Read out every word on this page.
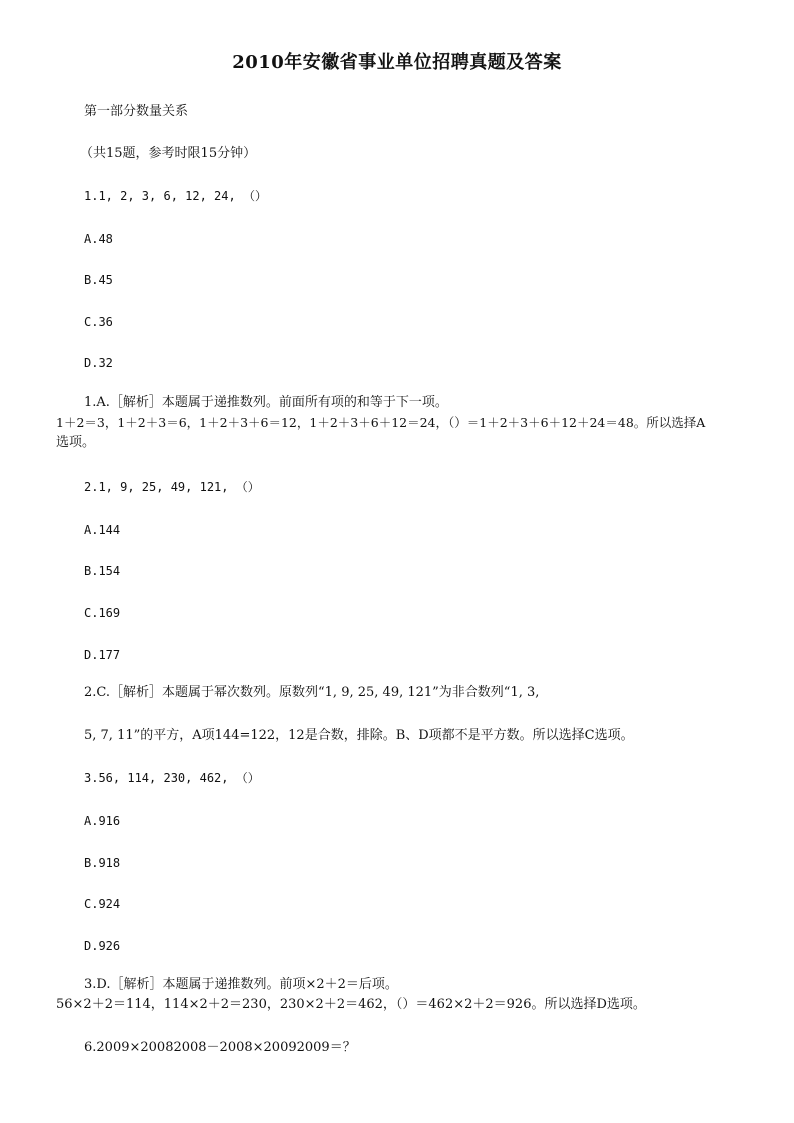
2010年安徽省事业单位招聘真题及答案
第一部分数量关系
（共15题，参考时限15分钟）
1.1, 2, 3, 6, 12, 24, （）
A.48
B.45
C.36
D.32
1.A.［解析］本题属于递推数列。前面所有项的和等于下一项。
1＋2＝3，1＋2＋3＝6，1＋2＋3＋6＝12，1＋2＋3＋6＋12＝24，（）＝1＋2＋3＋6＋12＋24＝48。所以选择A
选项。
2.1, 9, 25, 49, 121, （）
A.144
B.154
C.169
D.177
2.C.［解析］本题属于幂次数列。原数列“1, 9, 25, 49, 121”为非合数列“1, 3,
5, 7, 11”的平方，A项144=122，12是合数，排除。B、D项都不是平方数。所以选择C选项。
3.56, 114, 230, 462, （）
A.916
B.918
C.924
D.926
3.D.［解析］本题属于递推数列。前项×2＋2＝后项。
56×2＋2＝114，114×2＋2＝230，230×2＋2＝462，（）＝462×2＋2＝926。所以选择D选项。
6.2009×20082008－2008×20092009＝？
